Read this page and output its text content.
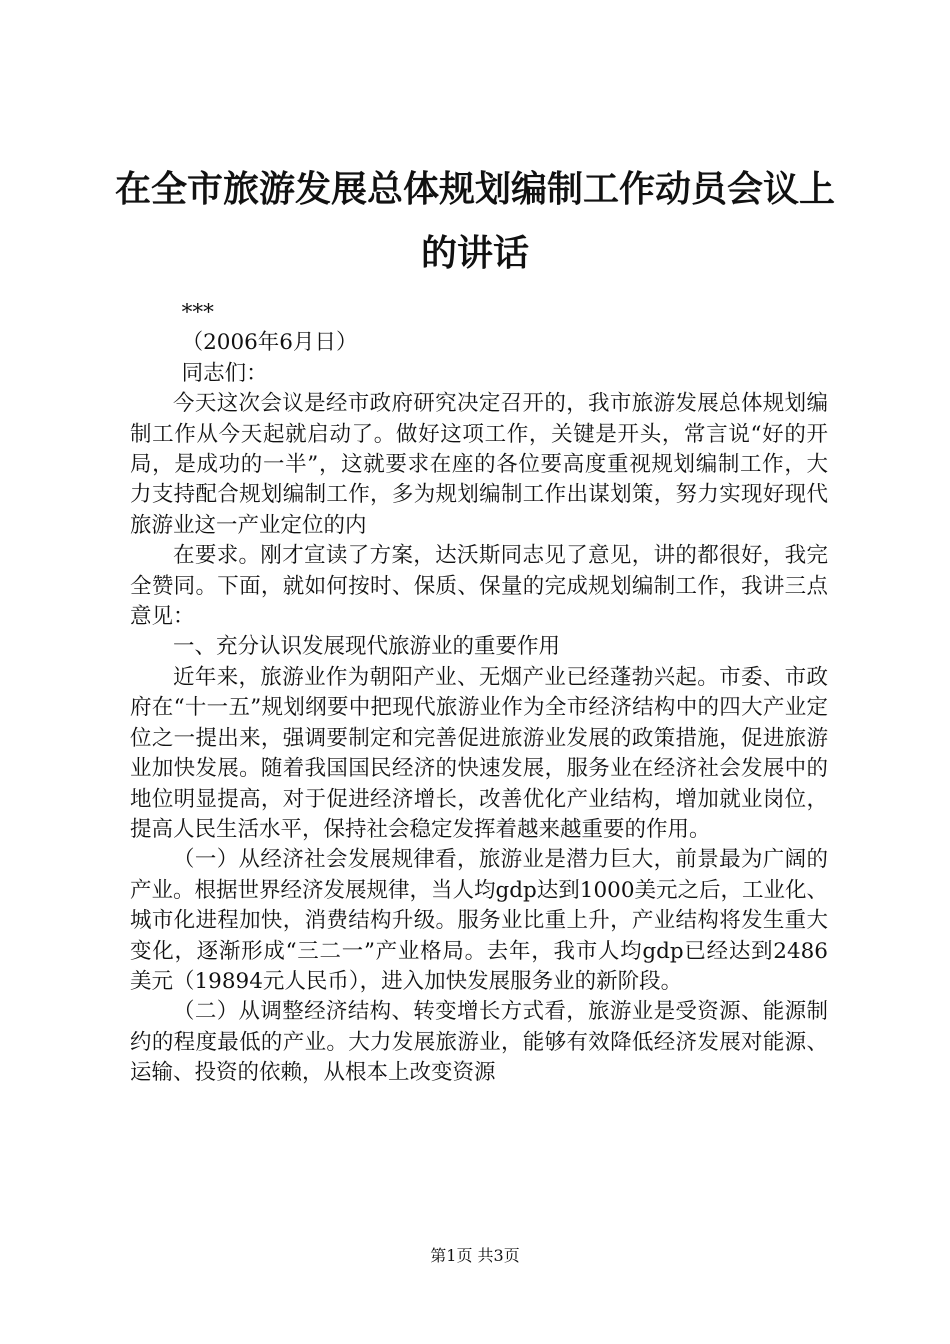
在全市旅游发展总体规划编制工作动员会议上的讲话

***

（2006年6月日）

同志们：

今天这次会议是经市政府研究决定召开的，我市旅游发展总体规划编制工作从今天起就启动了。做好这项工作，关键是开头，常言说“好的开局，是成功的一半”，这就要求在座的各位要高度重视规划编制工作，大力支持配合规划编制工作，多为规划编制工作出谋划策，努力实现好现代旅游业这一产业定位的内

在要求。刚才宣读了方案，达沃斯同志见了意见，讲的都很好，我完全赞同。下面，就如何按时、保质、保量的完成规划编制工作，我讲三点意见：

一、充分认识发展现代旅游业的重要作用

近年来，旅游业作为朝阳产业、无烟产业已经蓬勃兴起。市委、市政府在“十一五”规划纲要中把现代旅游业作为全市经济结构中的四大产业定位之一提出来，强调要制定和完善促进旅游业发展的政策措施，促进旅游业加快发展。随着我国国民经济的快速发展，服务业在经济社会发展中的地位明显提高，对于促进经济增长，改善优化产业结构，增加就业岗位，提高人民生活水平，保持社会稳定发挥着越来越重要的作用。

（一）从经济社会发展规律看，旅游业是潜力巨大，前景最为广阔的产业。根据世界经济发展规律，当人均gdp达到1000美元之后，工业化、城市化进程加快，消费结构升级。服务业比重上升，产业结构将发生重大变化，逐渐形成“三二一”产业格局。去年，我市人均gdp已经达到2486美元（19894元人民币），进入加快发展服务业的新阶段。

（二）从调整经济结构、转变增长方式看，旅游业是受资源、能源制约的程度最低的产业。大力发展旅游业，能够有效降低经济发展对能源、运输、投资的依赖，从根本上改变资源

第1页 共3页
